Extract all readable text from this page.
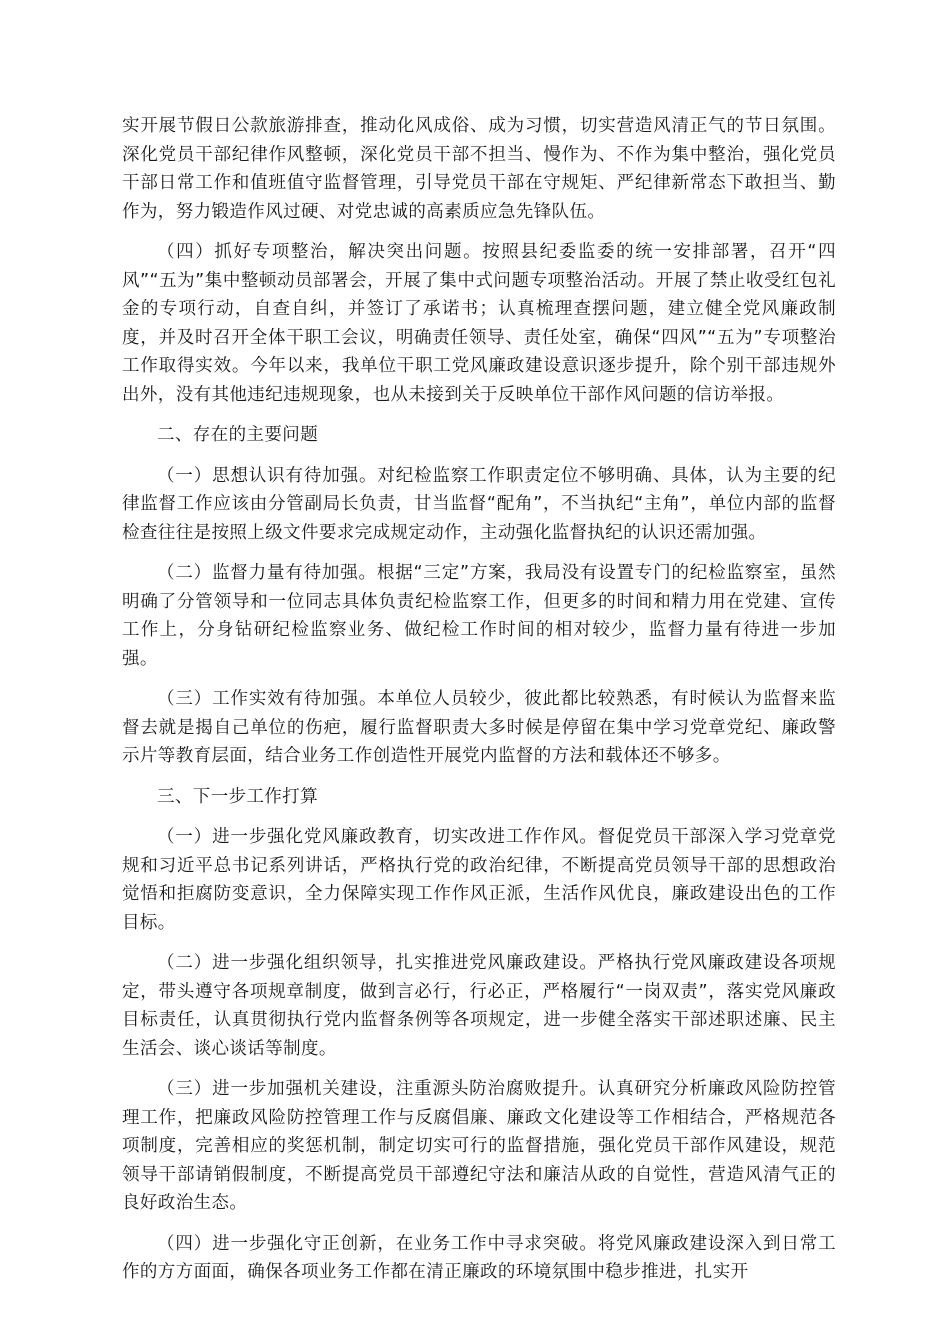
实开展节假日公款旅游排查，推动化风成俗、成为习惯，切实营造风清正气的节日氛围。深化党员干部纪律作风整顿，深化党员干部不担当、慢作为、不作为集中整治，强化党员干部日常工作和值班值守监督管理，引导党员干部在守规矩、严纪律新常态下敢担当、勤作为，努力锻造作风过硬、对党忠诚的高素质应急先锋队伍。

（四）抓好专项整治，解决突出问题。按照县纪委监委的统一安排部署，召开“四风”“五为”集中整顿动员部署会，开展了集中式问题专项整治活动。开展了禁止收受红包礼金的专项行动，自查自纠，并签订了承诺书；认真梳理查摆问题，建立健全党风廉政制度，并及时召开全体干职工会议，明确责任领导、责任处室，确保“四风”“五为”专项整治工作取得实效。今年以来，我单位干职工党风廉政建设意识逐步提升，除个别干部违规外出外，没有其他违纪违规现象，也从未接到关于反映单位干部作风问题的信访举报。

二、存在的主要问题

（一）思想认识有待加强。对纪检监察工作职责定位不够明确、具体，认为主要的纪律监督工作应该由分管副局长负责，甘当监督“配角”，不当执纪“主角”，单位内部的监督检查往往是按照上级文件要求完成规定动作，主动强化监督执纪的认识还需加强。

（二）监督力量有待加强。根据“三定”方案，我局没有设置专门的纪检监察室，虽然明确了分管领导和一位同志具体负责纪检监察工作，但更多的时间和精力用在党建、宣传工作上，分身钻研纪检监察业务、做纪检工作时间的相对较少，监督力量有待进一步加强。

（三）工作实效有待加强。本单位人员较少，彼此都比较熟悉，有时候认为监督来监督去就是揭自己单位的伤疤，履行监督职责大多时候是停留在集中学习党章党纪、廉政警示片等教育层面，结合业务工作创造性开展党内监督的方法和载体还不够多。

三、下一步工作打算

（一）进一步强化党风廉政教育，切实改进工作作风。督促党员干部深入学习党章党规和习近平总书记系列讲话，严格执行党的政治纪律，不断提高党员领导干部的思想政治觉悟和拒腐防变意识，全力保障实现工作作风正派，生活作风优良，廉政建设出色的工作目标。

（二）进一步强化组织领导，扎实推进党风廉政建设。严格执行党风廉政建设各项规定，带头遵守各项规章制度，做到言必行，行必正，严格履行“一岗双责”，落实党风廉政目标责任，认真贯彻执行党内监督条例等各项规定，进一步健全落实干部述职述廉、民主生活会、谈心谈话等制度。

（三）进一步加强机关建设，注重源头防治腐败提升。认真研究分析廉政风险防控管理工作，把廉政风险防控管理工作与反腐倡廉、廉政文化建设等工作相结合，严格规范各项制度，完善相应的奖惩机制，制定切实可行的监督措施，强化党员干部作风建设，规范领导干部请销假制度，不断提高党员干部遵纪守法和廉洁从政的自觉性，营造风清气正的良好政治生态。

（四）进一步强化守正创新，在业务工作中寻求突破。将党风廉政建设深入到日常工作的方方面面，确保各项业务工作都在清正廉政的环境氛围中稳步推进，扎实开
